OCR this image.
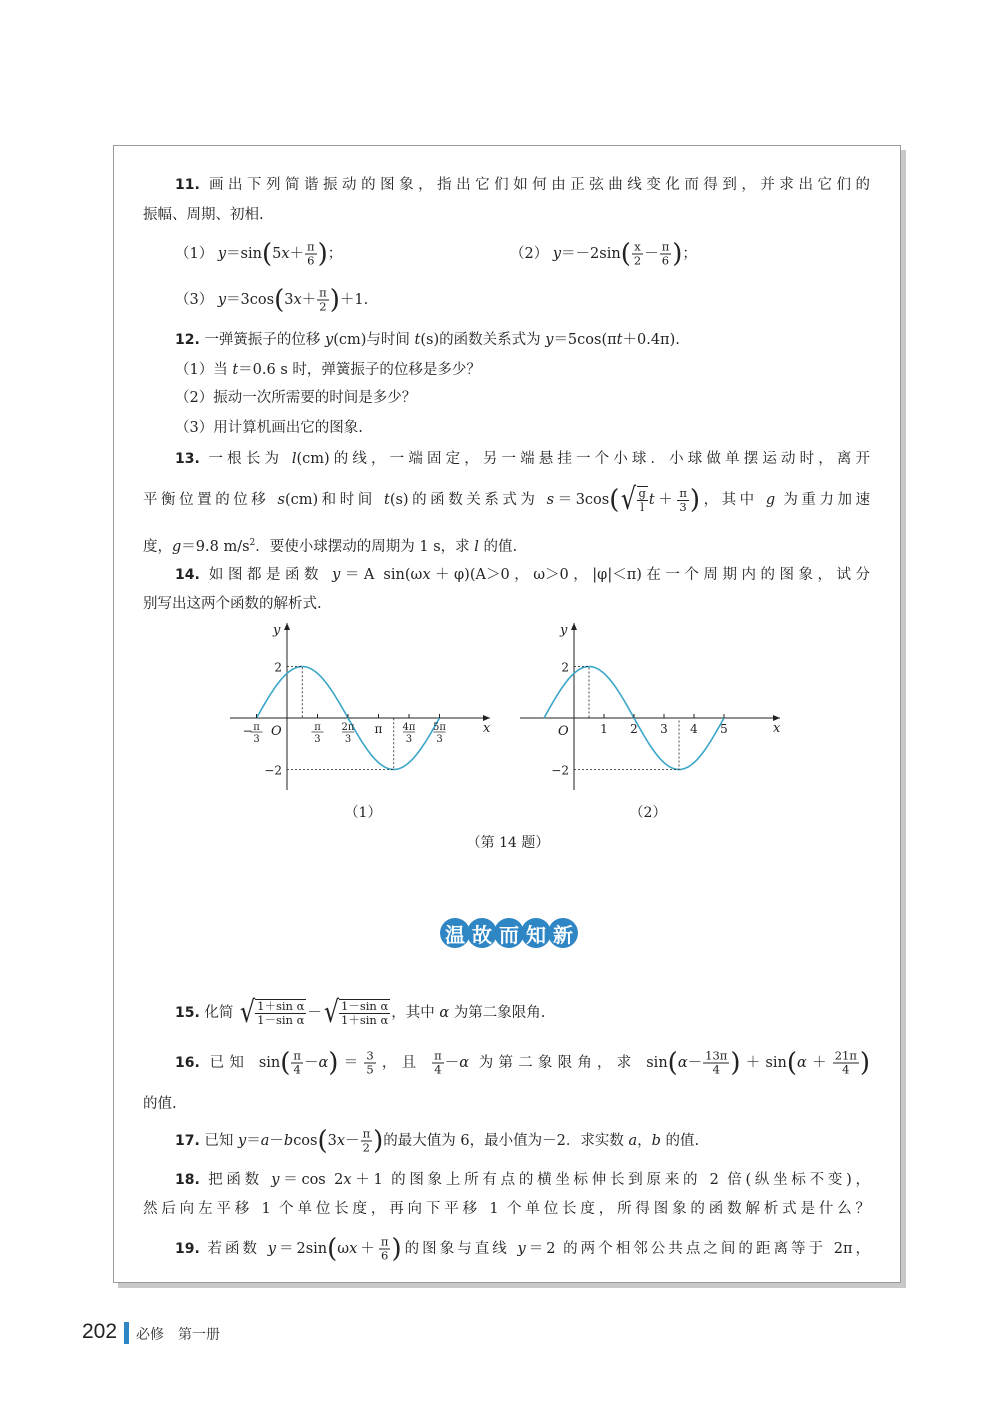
11. 画出下列简谐振动的图象，指出它们如何由正弦曲线变化而得到，并求出它们的
振幅、周期、初相.
（1） $y=\sin(5x+ \frac{\pi}{6}$ )；	（2） $y=-2\sin( \frac{x}{2} - \frac{\pi}{6}$ )；
（3） $y=3\cos(3x+ \frac{\pi}{2} )+1$.
12. 一弹簧振子的位移 y(cm)与时间 t(s)的函数关系式为 y＝5cos(πt＋0.4π).
（1）当 t＝0.6 s 时，弹簧振子的位移是多少？
（2）振动一次所需要的时间是多少？
（3）用计算机画出它的图象.
13. 一根长为 l(cm)的线，一端固定，另一端悬挂一个小球．小球做单摆运动时，离开
平衡位置的位移 s(cm)和时间 t(s)的函数关系式为 s＝3cos( √ $\frac{g}{l} t+ \frac{\pi}{3}$ )，其中 g 为重力加速
度，g＝9.8 $m/s^2$．要使小球摆动的周期为 1 s，求 l 的值.
14. 如图都是函数 y＝A sin(ωx＋φ)(A＞0，ω＞0，|φ|＜π)在一个周期内的图象，试分
别写出这两个函数的解析式.
x
y
O
2
−2
− π
3
π
3
2π
3
π 4π
3
5π
3
x
y
O
2
−2
1 2 3 4 5
（1）	（2）
（第 14 题）
温 故 而 知 新
15. 化简 √ $\frac{\text{1＋sin α}}{\text{1－sin α}}$ － √ $\frac{\text{1－sin α}}{\text{1＋sin α}}$ ，其中 α 为第二象限角.
16. 已知 $\sin( \frac{\pi}{4} -\alpha)= \frac{3}{5}$ ，且 $\frac{\pi}{4} -\alpha$ 为第二象限角，求 $\sin(\alpha- \frac{13\pi}{4} )+\sin(\alpha+ \frac{21\pi}{4}$ )
的值.
17. 已知 $y=a-bcos(3x- \frac{\pi}{2}$ )的最大值为 6，最小值为－2．求实数 a，b 的值.
18. 把函数 y＝cos 2x＋1 的图象上所有点的横坐标伸长到原来的 2 倍(纵坐标不变)，
然后向左平移 1 个单位长度，再向下平移 1 个单位长度，所得图象的函数解析式是什么？
19. 若函数 $y=2\sin(\omega x+ \frac{\pi}{6}$ )的图象与直线 y＝2 的两个相邻公共点之间的距离等于 2π，
202 必修 第一册
